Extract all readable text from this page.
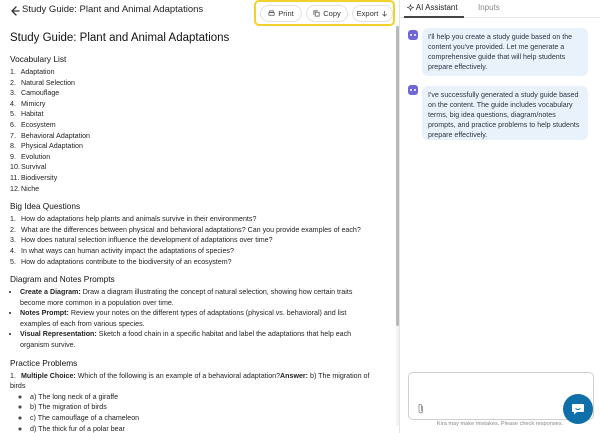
Study Guide: Plant and Animal Adaptations	Print	Copy Export
Study Guide: Plant and Animal Adaptations
Vocabulary List
1. Adaptation
2. Natural Selection
3. Camouflage
4. Mimicry
5. Habitat
6. Ecosystem
7. Behavioral Adaptation
8. Physical Adaptation
9. Evolution
10. Survival
11. Biodiversity
12. Niche
Big Idea Questions
1. How do adaptations help plants and animals survive in their environments?
2. What are the differences between physical and behavioral adaptations? Can you provide examples of each?
3. How does natural selection influence the development of adaptations over time?
4. In what ways can human activity impact the adaptations of species?
5. How do adaptations contribute to the biodiversity of an ecosystem?
Diagram and Notes Prompts
• Create a Diagram: Draw a diagram illustrating the concept of natural selection, showing how certain traits become more common in a population over time.
• Notes Prompt: Review your notes on the different types of adaptations (physical vs. behavioral) and list examples of each from various species.
• Visual Representation: Sketch a food chain in a specific habitat and label the adaptations that help each organism survive.
Practice Problems
1. Multiple Choice: Which of the following is an example of a behavioral adaptation?Answer: b) The migration of birds
◦ a) The long neck of a giraffe
◦ b) The migration of birds
◦ c) The camouflage of a chameleon
◦ d) The thick fur of a polar bear
AI Assistant	Inputs
I'll help you create a study guide based on the content you've provided. Let me generate a comprehensive guide that will help students prepare effectively.
I've successfully generated a study guide based on the content. The guide includes vocabulary terms, big idea questions, diagram/notes prompts, and practice problems to help students prepare effectively.
Kira may make mistakes. Please check responses.
